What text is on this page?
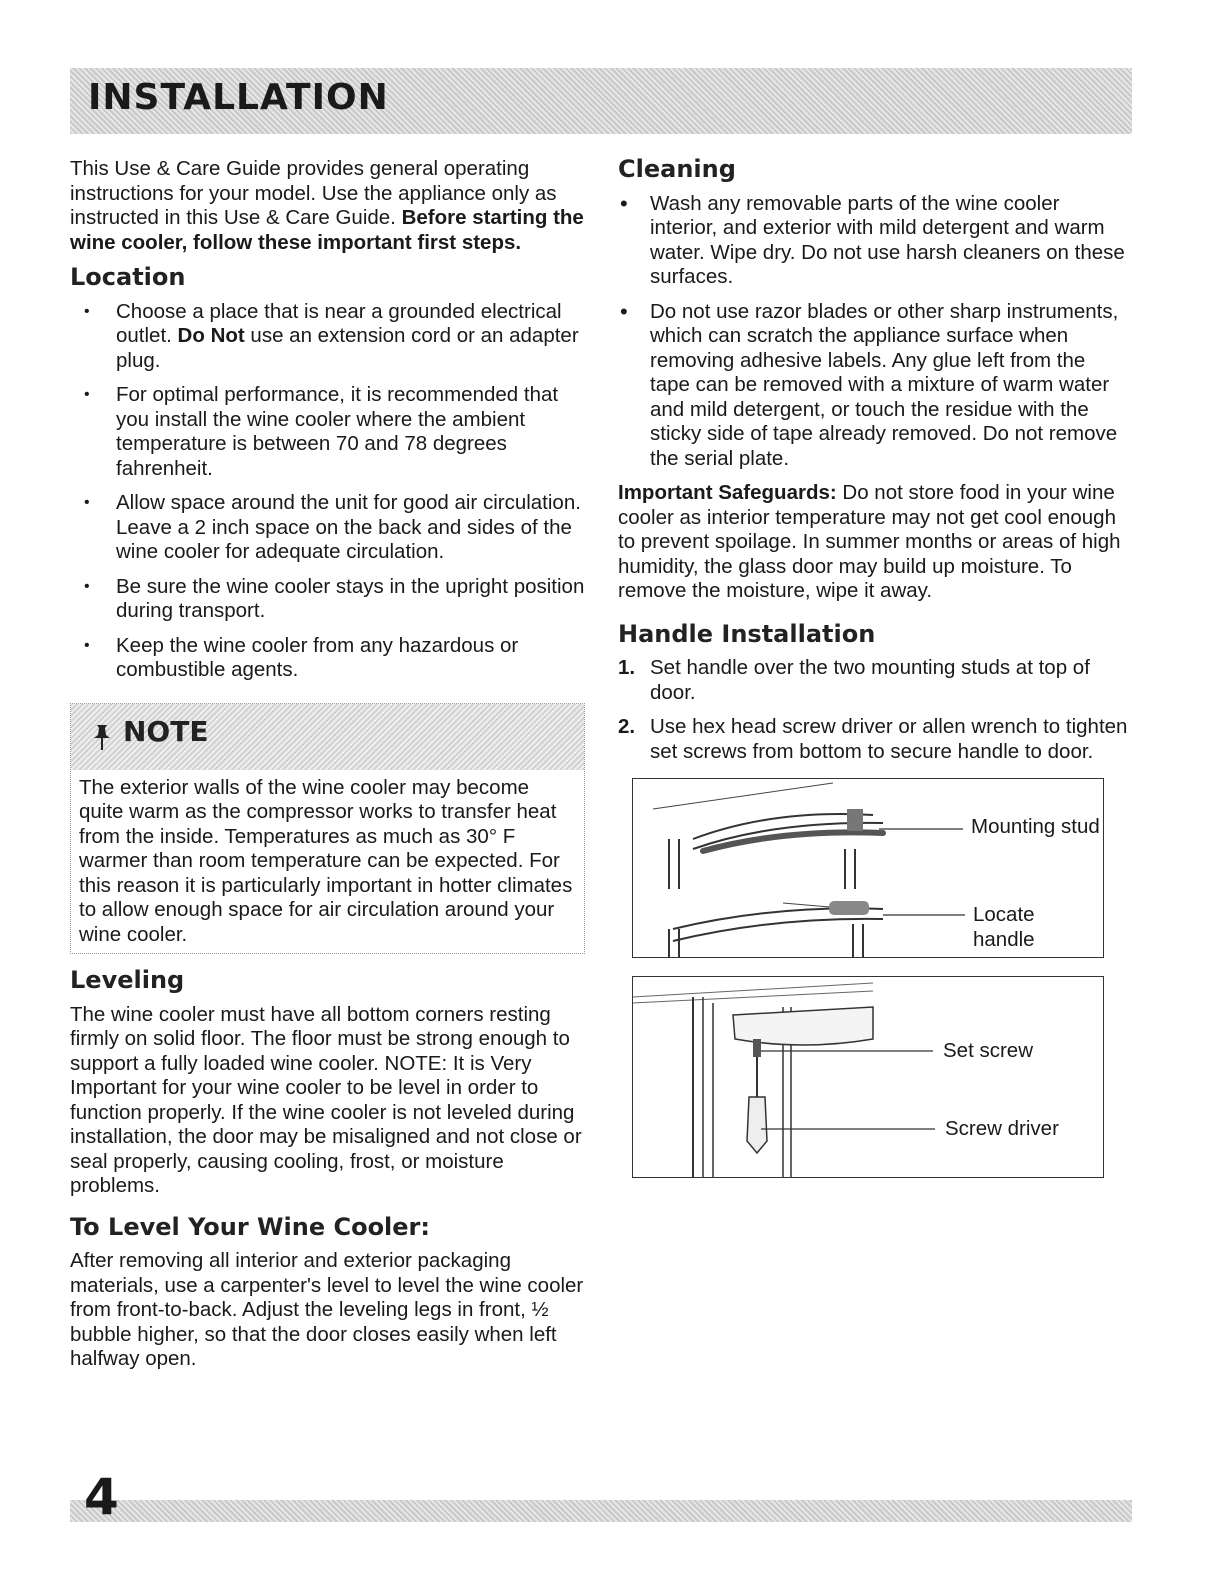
INSTALLATION

This Use & Care Guide provides general operating instructions for your model. Use the appliance only as instructed in this Use & Care Guide. Before starting the wine cooler, follow these important first steps.

Location
• Choose a place that is near a grounded electrical outlet. Do Not use an extension cord or an adapter plug.
• For optimal performance, it is recommended that you install the wine cooler where the ambient temperature is between 70 and 78 degrees fahrenheit.
• Allow space around the unit for good air circulation. Leave a 2 inch space on the back and sides of the wine cooler for adequate circulation.
• Be sure the wine cooler stays in the upright position during transport.
• Keep the wine cooler from any hazardous or combustible agents.
NOTE
The exterior walls of the wine cooler may become quite warm as the compressor works to transfer heat from the inside. Temperatures as much as 30° F warmer than room temperature can be expected. For this reason it is particularly important in hotter climates to allow enough space for air circulation around your wine cooler.
Leveling

The wine cooler must have all bottom corners resting firmly on solid floor. The floor must be strong enough to support a fully loaded wine cooler. NOTE: It is Very Important for your wine cooler to be level in order to function properly. If the wine cooler is not leveled during installation, the door may be misaligned and not close or seal properly, causing cooling, frost, or moisture problems.

To Level Your Wine Cooler:

After removing all interior and exterior packaging materials, use a carpenter's level to level the wine cooler from front-to-back. Adjust the leveling legs in front, ½ bubble higher, so that the door closes easily when left halfway open.

Cleaning
• Wash any removable parts of the wine cooler interior, and exterior with mild detergent and warm water. Wipe dry. Do not use harsh cleaners on these surfaces.
• Do not use razor blades or other sharp instruments, which can scratch the appliance surface when removing adhesive labels. Any glue left from the tape can be removed with a mixture of warm water and mild detergent, or touch the residue with the sticky side of tape already removed. Do not remove the serial plate.

Important Safeguards: Do not store food in your wine cooler as interior temperature may not get cool enough to prevent spoilage. In summer months or areas of high humidity, the glass door may build up moisture. To remove the moisture, wipe it away.

Handle Installation
1. Set handle over the two mounting studs at top of door.
2. Use hex head screw driver or allen wrench to tighten set screws from bottom to secure handle to door.
Mounting stud
Locate handle
Set screw
Screw driver
4
